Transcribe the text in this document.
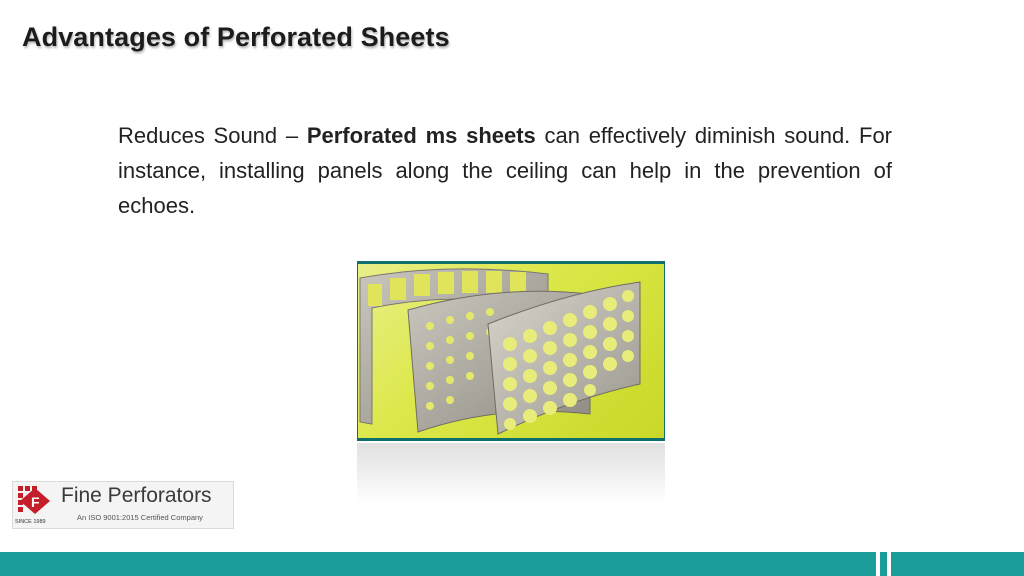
Advantages of Perforated Sheets

Reduces Sound – Perforated ms sheets can effectively diminish sound. For instance, installing panels along the ceiling can help in the prevention of echoes.

F
SINCE 1989
Fine Perforators
An ISO 9001:2015 Certified Company
